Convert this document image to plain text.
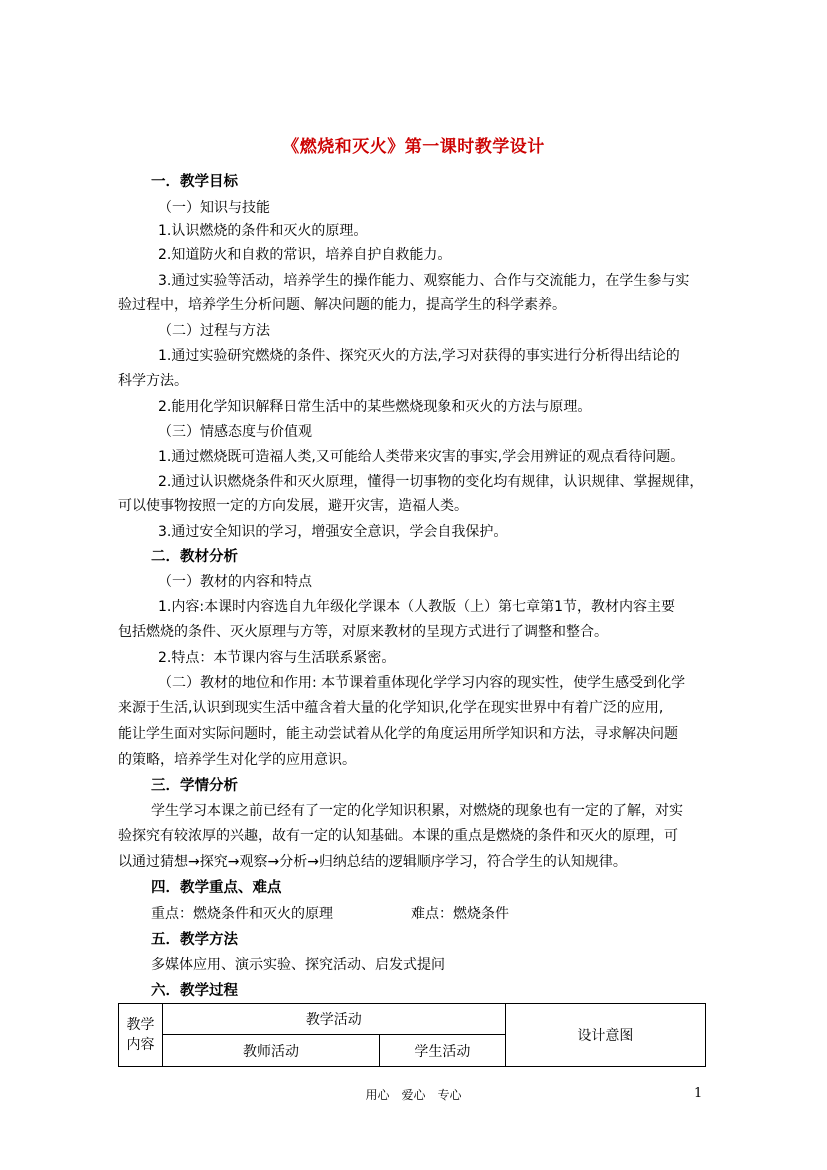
《燃烧和灭火》第一课时教学设计
一．教学目标
（一）知识与技能
1.认识燃烧的条件和灭火的原理。
2.知道防火和自救的常识，培养自护自救能力。
3.通过实验等活动，培养学生的操作能力、观察能力、合作与交流能力，在学生参与实
验过程中，培养学生分析问题、解决问题的能力，提高学生的科学素养。
（二）过程与方法
1.通过实验研究燃烧的条件、探究灭火的方法,学习对获得的事实进行分析得出结论的
科学方法。
2.能用化学知识解释日常生活中的某些燃烧现象和灭火的方法与原理。
（三）情感态度与价值观
1.通过燃烧既可造福人类,又可能给人类带来灾害的事实,学会用辨证的观点看待问题。
2.通过认识燃烧条件和灭火原理，懂得一切事物的变化均有规律，认识规律、掌握规律，
可以使事物按照一定的方向发展，避开灾害，造福人类。
3.通过安全知识的学习，增强安全意识，学会自我保护。
二．教材分析
（一）教材的内容和特点
1.内容:本课时内容选自九年级化学课本（人教版（上）第七章第1节，教材内容主要
包括燃烧的条件、灭火原理与方等，对原来教材的呈现方式进行了调整和整合。
2.特点：本节课内容与生活联系紧密。
（二）教材的地位和作用: 本节课着重体现化学学习内容的现实性，使学生感受到化学
来源于生活,认识到现实生活中蕴含着大量的化学知识,化学在现实世界中有着广泛的应用,
能让学生面对实际问题时，能主动尝试着从化学的角度运用所学知识和方法，寻求解决问题
的策略，培养学生对化学的应用意识。
三．学情分析
学生学习本课之前已经有了一定的化学知识积累，对燃烧的现象也有一定的了解，对实
验探究有较浓厚的兴趣，故有一定的认知基础。本课的重点是燃烧的条件和灭火的原理，可
以通过猜想→探究→观察→分析→归纳总结的逻辑顺序学习，符合学生的认知规律。
四．教学重点、难点
重点：燃烧条件和灭火的原理	难点：燃烧条件
五．教学方法
多媒体应用、演示实验、探究活动、启发式提问
六．教学过程
教学内容	教学活动		设计意图
	教师活动	学生活动	
用心　爱心　专心	1
